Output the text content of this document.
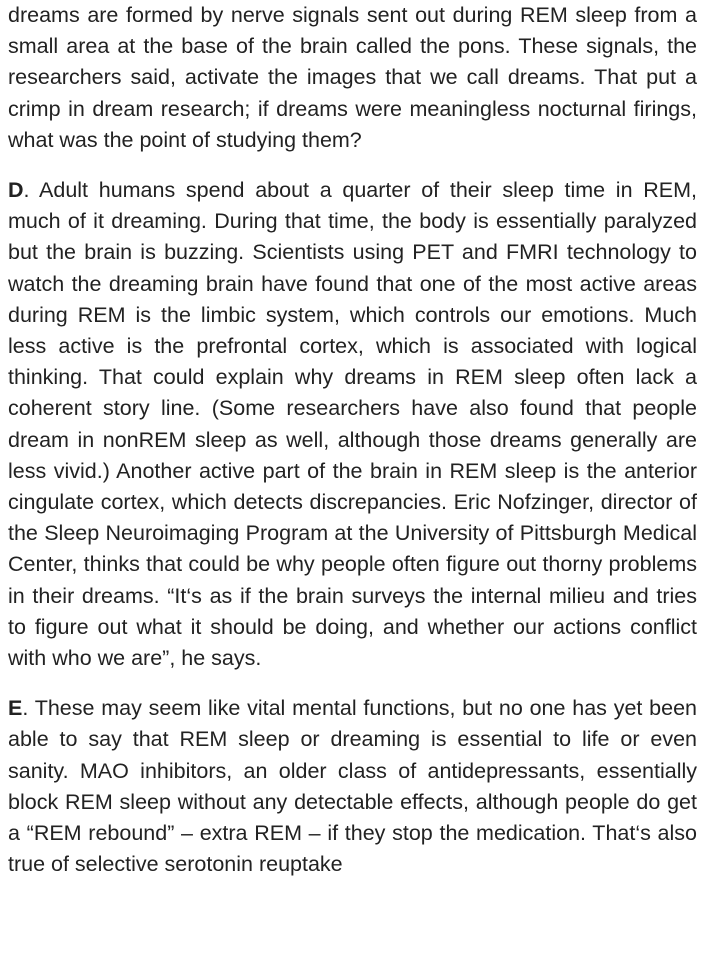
dreams are formed by nerve signals sent out during REM sleep from a small area at the base of the brain called the pons. These signals, the researchers said, activate the images that we call dreams. That put a crimp in dream research; if dreams were meaningless nocturnal firings, what was the point of studying them?

D. Adult humans spend about a quarter of their sleep time in REM, much of it dreaming. During that time, the body is essentially paralyzed but the brain is buzzing. Scientists using PET and FMRI technology to watch the dreaming brain have found that one of the most active areas during REM is the limbic system, which controls our emotions. Much less active is the prefrontal cortex, which is associated with logical thinking. That could explain why dreams in REM sleep often lack a coherent story line. (Some researchers have also found that people dream in nonREM sleep as well, although those dreams generally are less vivid.) Another active part of the brain in REM sleep is the anterior cingulate cortex, which detects discrepancies. Eric Nofzinger, director of the Sleep Neuroimaging Program at the University of Pittsburgh Medical Center, thinks that could be why people often figure out thorny problems in their dreams. “It‘s as if the brain surveys the internal milieu and tries to figure out what it should be doing, and whether our actions conflict with who we are”, he says.

E. These may seem like vital mental functions, but no one has yet been able to say that REM sleep or dreaming is essential to life or even sanity. MAO inhibitors, an older class of antidepressants, essentially block REM sleep without any detectable effects, although people do get a “REM rebound” – extra REM – if they stop the medication. That‘s also true of selective serotonin reuptake
